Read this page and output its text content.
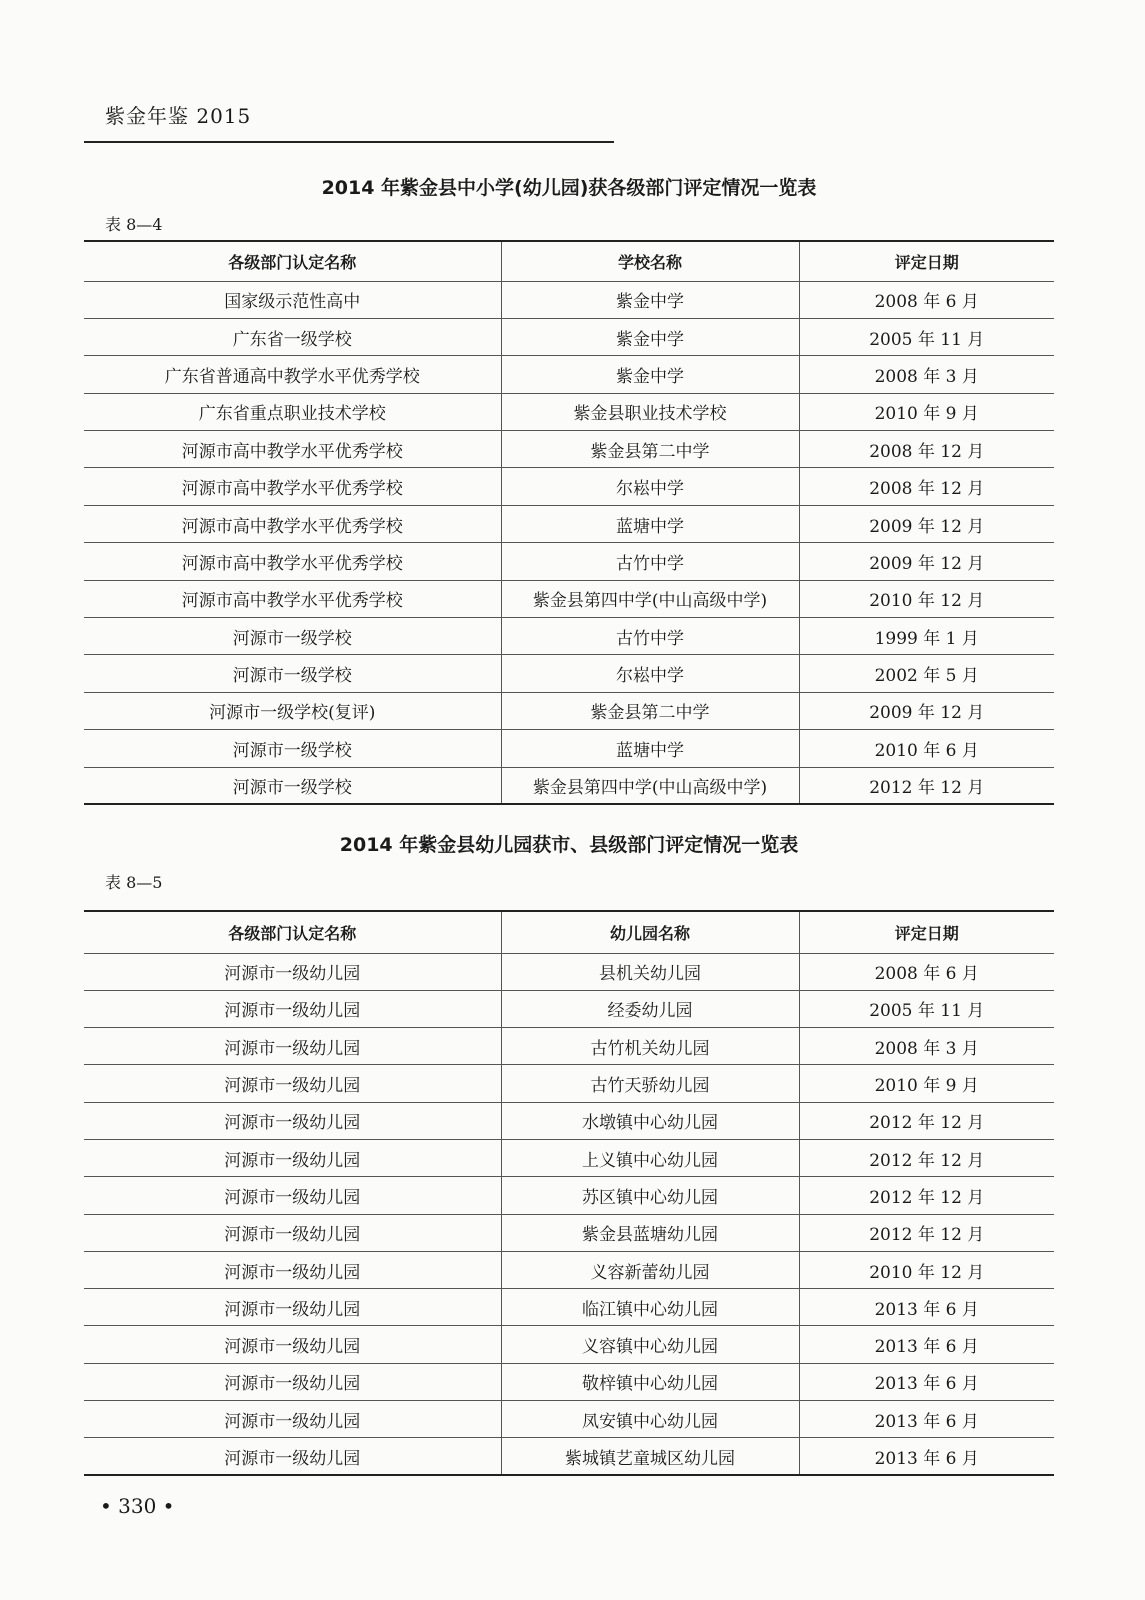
紫金年鉴 2015
2014 年紫金县中小学(幼儿园)获各级部门评定情况一览表
表 8—4
各级部门认定名称	学校名称	评定日期
国家级示范性高中	紫金中学	2008 年 6 月
广东省一级学校	紫金中学	2005 年 11 月
广东省普通高中教学水平优秀学校	紫金中学	2008 年 3 月
广东省重点职业技术学校	紫金县职业技术学校	2010 年 9 月
河源市高中教学水平优秀学校	紫金县第二中学	2008 年 12 月
河源市高中教学水平优秀学校	尔崧中学	2008 年 12 月
河源市高中教学水平优秀学校	蓝塘中学	2009 年 12 月
河源市高中教学水平优秀学校	古竹中学	2009 年 12 月
河源市高中教学水平优秀学校	紫金县第四中学(中山高级中学)	2010 年 12 月
河源市一级学校	古竹中学	1999 年 1 月
河源市一级学校	尔崧中学	2002 年 5 月
河源市一级学校(复评)	紫金县第二中学	2009 年 12 月
河源市一级学校	蓝塘中学	2010 年 6 月
河源市一级学校	紫金县第四中学(中山高级中学)	2012 年 12 月
2014 年紫金县幼儿园获市、县级部门评定情况一览表
表 8—5
各级部门认定名称	幼儿园名称	评定日期
河源市一级幼儿园	县机关幼儿园	2008 年 6 月
河源市一级幼儿园	经委幼儿园	2005 年 11 月
河源市一级幼儿园	古竹机关幼儿园	2008 年 3 月
河源市一级幼儿园	古竹天骄幼儿园	2010 年 9 月
河源市一级幼儿园	水墩镇中心幼儿园	2012 年 12 月
河源市一级幼儿园	上义镇中心幼儿园	2012 年 12 月
河源市一级幼儿园	苏区镇中心幼儿园	2012 年 12 月
河源市一级幼儿园	紫金县蓝塘幼儿园	2012 年 12 月
河源市一级幼儿园	义容新蕾幼儿园	2010 年 12 月
河源市一级幼儿园	临江镇中心幼儿园	2013 年 6 月
河源市一级幼儿园	义容镇中心幼儿园	2013 年 6 月
河源市一级幼儿园	敬梓镇中心幼儿园	2013 年 6 月
河源市一级幼儿园	凤安镇中心幼儿园	2013 年 6 月
河源市一级幼儿园	紫城镇艺童城区幼儿园	2013 年 6 月
• 330 •
